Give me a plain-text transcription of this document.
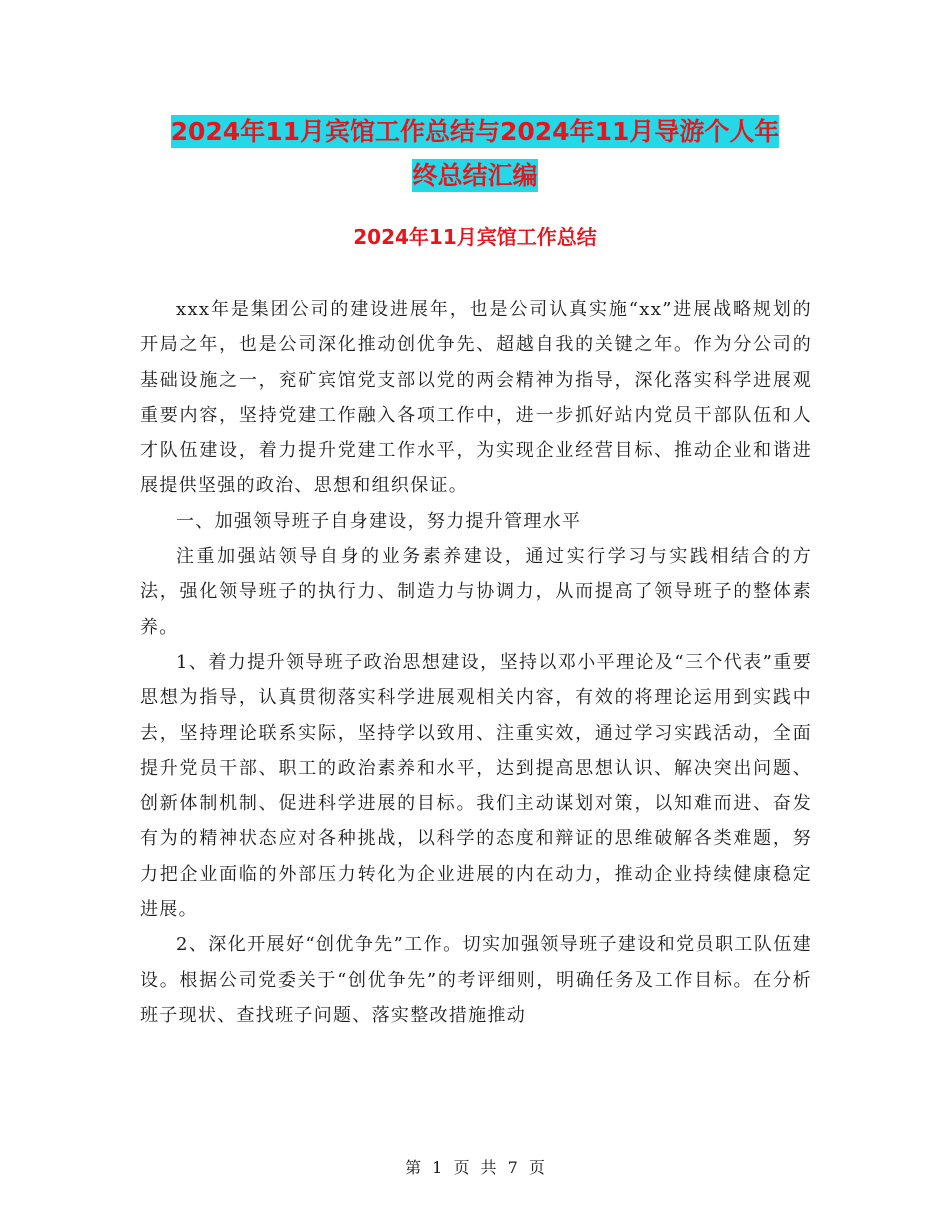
2024年11月宾馆工作总结与2024年11月导游个人年
终总结汇编
2024年11月宾馆工作总结

xxx年是集团公司的建设进展年，也是公司认真实施“xx”进展战略规划的开局之年，也是公司深化推动创优争先、超越自我的关键之年。作为分公司的基础设施之一，兖矿宾馆党支部以党的两会精神为指导，深化落实科学进展观重要内容，坚持党建工作融入各项工作中，进一步抓好站内党员干部队伍和人才队伍建设，着力提升党建工作水平，为实现企业经营目标、推动企业和谐进展提供坚强的政治、思想和组织保证。

一、加强领导班子自身建设，努力提升管理水平

注重加强站领导自身的业务素养建设，通过实行学习与实践相结合的方法，强化领导班子的执行力、制造力与协调力，从而提高了领导班子的整体素养。

1、着力提升领导班子政治思想建设，坚持以邓小平理论及“三个代表”重要思想为指导，认真贯彻落实科学进展观相关内容，有效的将理论运用到实践中去，坚持理论联系实际，坚持学以致用、注重实效，通过学习实践活动，全面提升党员干部、职工的政治素养和水平，达到提高思想认识、解决突出问题、创新体制机制、促进科学进展的目标。我们主动谋划对策，以知难而进、奋发有为的精神状态应对各种挑战，以科学的态度和辩证的思维破解各类难题，努力把企业面临的外部压力转化为企业进展的内在动力，推动企业持续健康稳定进展。

2、深化开展好“创优争先”工作。切实加强领导班子建设和党员职工队伍建设。根据公司党委关于“创优争先”的考评细则，明确任务及工作目标。在分析班子现状、查找班子问题、落实整改措施推动

第 1 页 共 7 页
